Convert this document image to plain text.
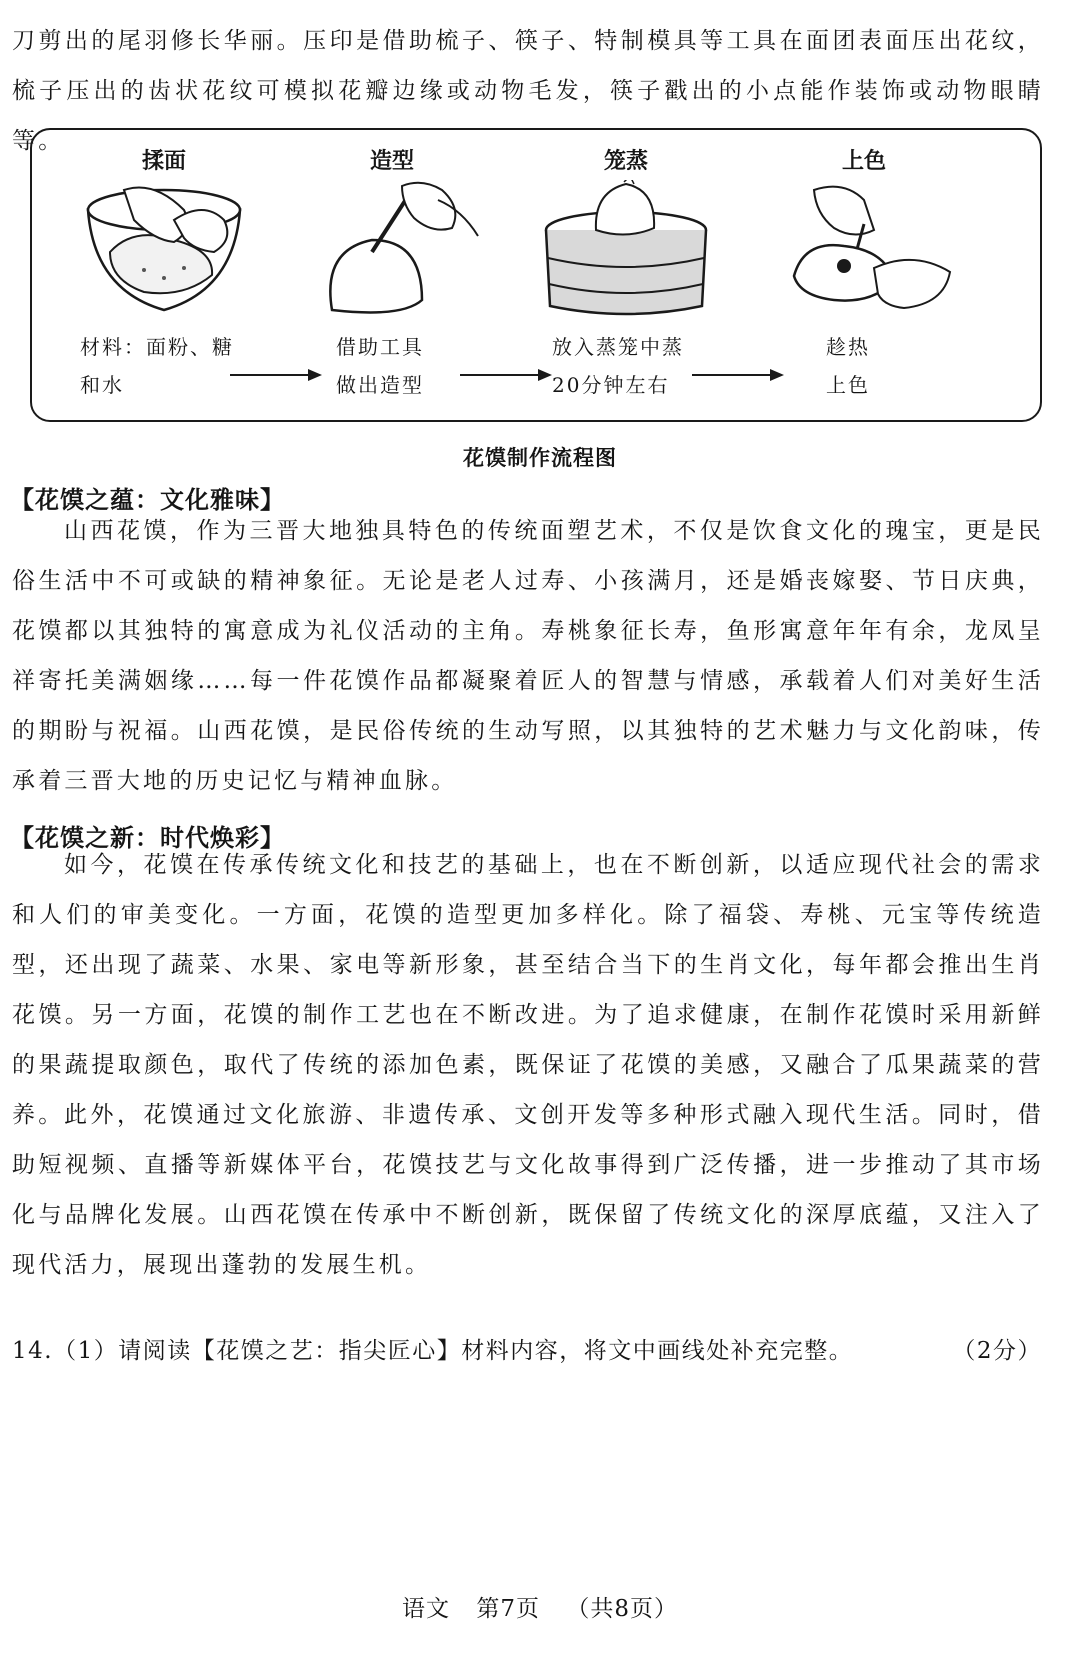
刀剪出的尾羽修长华丽。压印是借助梳子、筷子、特制模具等工具在面团表面压出花纹，梳子压出的齿状花纹可模拟花瓣边缘或动物毛发，筷子戳出的小点能作装饰或动物眼睛等。

揉面

材料：面粉、糖
和水

造型

借助工具
做出造型

笼蒸

放入蒸笼中蒸
20分钟左右

上色

趁热
上色

花馍制作流程图
【花馍之蕴：文化雅味】

山西花馍，作为三晋大地独具特色的传统面塑艺术，不仅是饮食文化的瑰宝，更是民俗生活中不可或缺的精神象征。无论是老人过寿、小孩满月，还是婚丧嫁娶、节日庆典，花馍都以其独特的寓意成为礼仪活动的主角。寿桃象征长寿，鱼形寓意年年有余，龙凤呈祥寄托美满姻缘……每一件花馍作品都凝聚着匠人的智慧与情感，承载着人们对美好生活的期盼与祝福。山西花馍，是民俗传统的生动写照，以其独特的艺术魅力与文化韵味，传承着三晋大地的历史记忆与精神血脉。

【花馍之新：时代焕彩】

如今，花馍在传承传统文化和技艺的基础上，也在不断创新，以适应现代社会的需求和人们的审美变化。一方面，花馍的造型更加多样化。除了福袋、寿桃、元宝等传统造型，还出现了蔬菜、水果、家电等新形象，甚至结合当下的生肖文化，每年都会推出生肖花馍。另一方面，花馍的制作工艺也在不断改进。为了追求健康，在制作花馍时采用新鲜的果蔬提取颜色，取代了传统的添加色素，既保证了花馍的美感，又融合了瓜果蔬菜的营养。 此外，花馍通过文化旅游、非遗传承、文创开发等多种形式融入现代生活。同时，借助短视频、直播等新媒体平台，花馍技艺与文化故事得到广泛传播，进一步推动了其市场化与品牌化发展。山西花馍在传承中不断创新，既保留了传统文化的深厚底蕴，又注入了现代活力，展现出蓬勃的发展生机。

14.（1）请阅读【花馍之艺：指尖匠心】材料内容，将文中画线处补充完整。	（2分）
语文 第7页 （共8页）
